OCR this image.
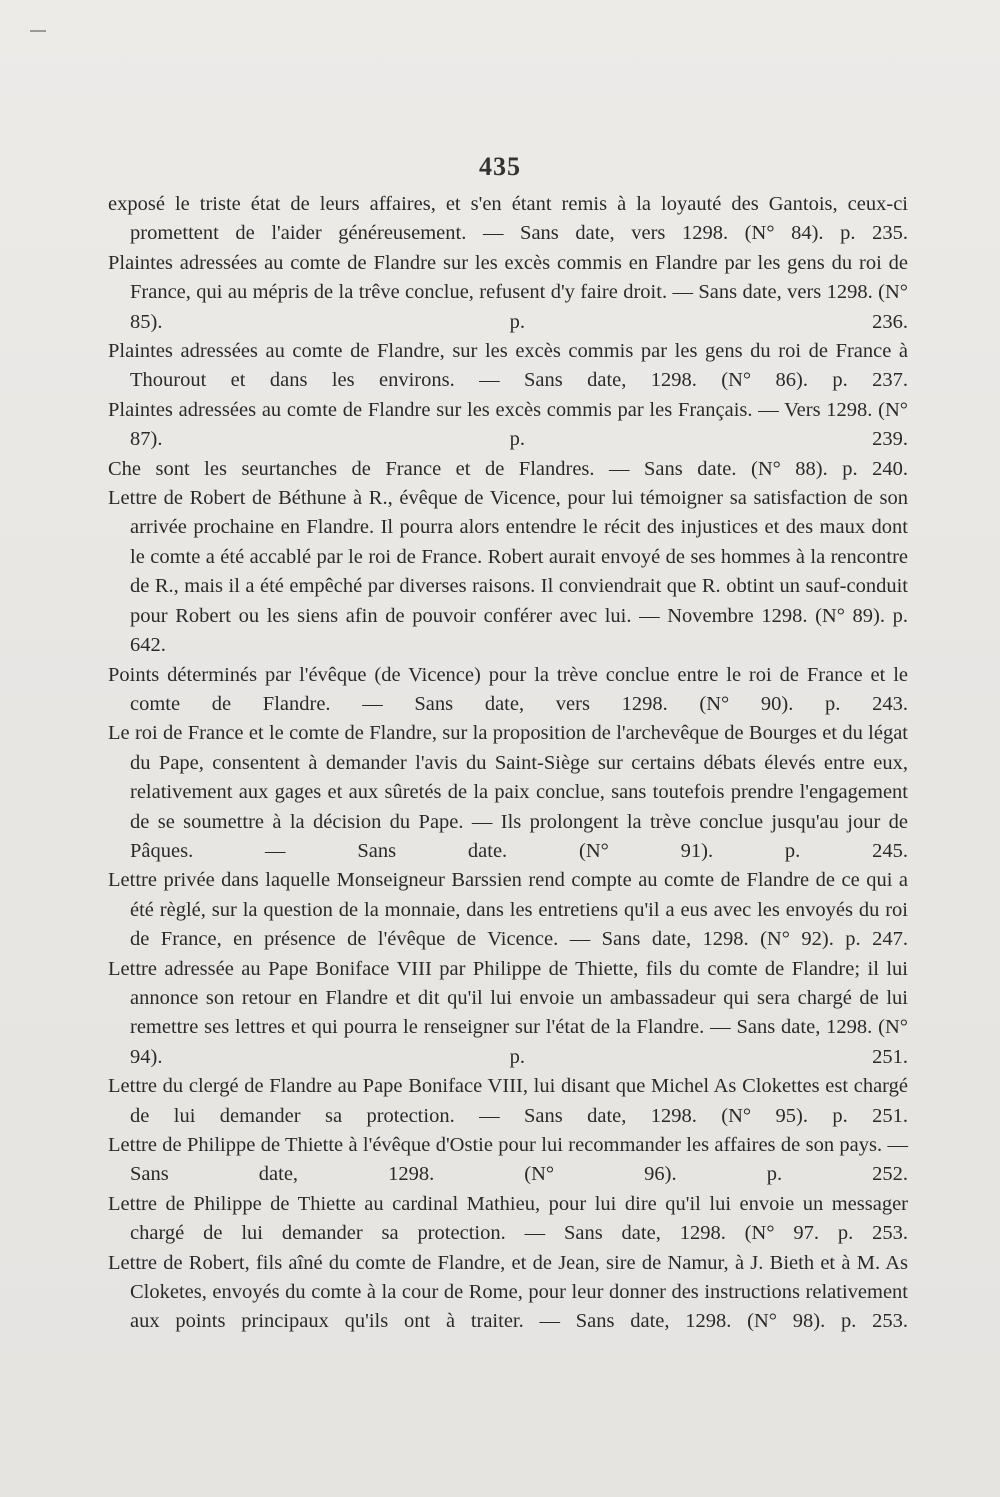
435

exposé le triste état de leurs affaires, et s'en étant remis à la loyauté des Gantois, ceux-ci promettent de l'aider généreusement. — Sans date, vers 1298. (N° 84). p. 235.

Plaintes adressées au comte de Flandre sur les excès commis en Flandre par les gens du roi de France, qui au mépris de la trêve conclue, refusent d'y faire droit. — Sans date, vers 1298. (N° 85). p. 236.

Plaintes adressées au comte de Flandre, sur les excès commis par les gens du roi de France à Thourout et dans les environs. — Sans date, 1298. (N° 86). p. 237.

Plaintes adressées au comte de Flandre sur les excès commis par les Français. — Vers 1298. (N° 87). p. 239.

Che sont les seurtanches de France et de Flandres. — Sans date. (N° 88). p. 240.

Lettre de Robert de Béthune à R., évêque de Vicence, pour lui témoigner sa satisfaction de son arrivée prochaine en Flandre. Il pourra alors entendre le récit des injustices et des maux dont le comte a été accablé par le roi de France. Robert aurait envoyé de ses hommes à la rencontre de R., mais il a été empêché par diverses raisons. Il conviendrait que R. obtint un sauf-conduit pour Robert ou les siens afin de pouvoir conférer avec lui. — Novembre 1298. (N° 89). p. 642.

Points déterminés par l'évêque (de Vicence) pour la trève conclue entre le roi de France et le comte de Flandre. — Sans date, vers 1298. (N° 90). p. 243.

Le roi de France et le comte de Flandre, sur la proposition de l'archevêque de Bourges et du légat du Pape, consentent à demander l'avis du Saint-Siège sur certains débats élevés entre eux, relativement aux gages et aux sûretés de la paix conclue, sans toutefois prendre l'engagement de se soumettre à la décision du Pape. — Ils prolongent la trève conclue jusqu'au jour de Pâques. — Sans date. (N° 91). p. 245.

Lettre privée dans laquelle Monseigneur Barssien rend compte au comte de Flandre de ce qui a été règlé, sur la question de la monnaie, dans les entretiens qu'il a eus avec les envoyés du roi de France, en présence de l'évêque de Vicence. — Sans date, 1298. (N° 92). p. 247.

Lettre adressée au Pape Boniface VIII par Philippe de Thiette, fils du comte de Flandre; il lui annonce son retour en Flandre et dit qu'il lui envoie un ambassadeur qui sera chargé de lui remettre ses lettres et qui pourra le renseigner sur l'état de la Flandre. — Sans date, 1298. (N° 94). p. 251.

Lettre du clergé de Flandre au Pape Boniface VIII, lui disant que Michel As Clokettes est chargé de lui demander sa protection. — Sans date, 1298. (N° 95). p. 251.

Lettre de Philippe de Thiette à l'évêque d'Ostie pour lui recommander les affaires de son pays. — Sans date, 1298. (N° 96). p. 252.

Lettre de Philippe de Thiette au cardinal Mathieu, pour lui dire qu'il lui envoie un messager chargé de lui demander sa protection. — Sans date, 1298. (N° 97. p. 253.

Lettre de Robert, fils aîné du comte de Flandre, et de Jean, sire de Namur, à J. Bieth et à M. As Cloketes, envoyés du comte à la cour de Rome, pour leur donner des instructions relativement aux points principaux qu'ils ont à traiter. — Sans date, 1298. (N° 98). p. 253.
